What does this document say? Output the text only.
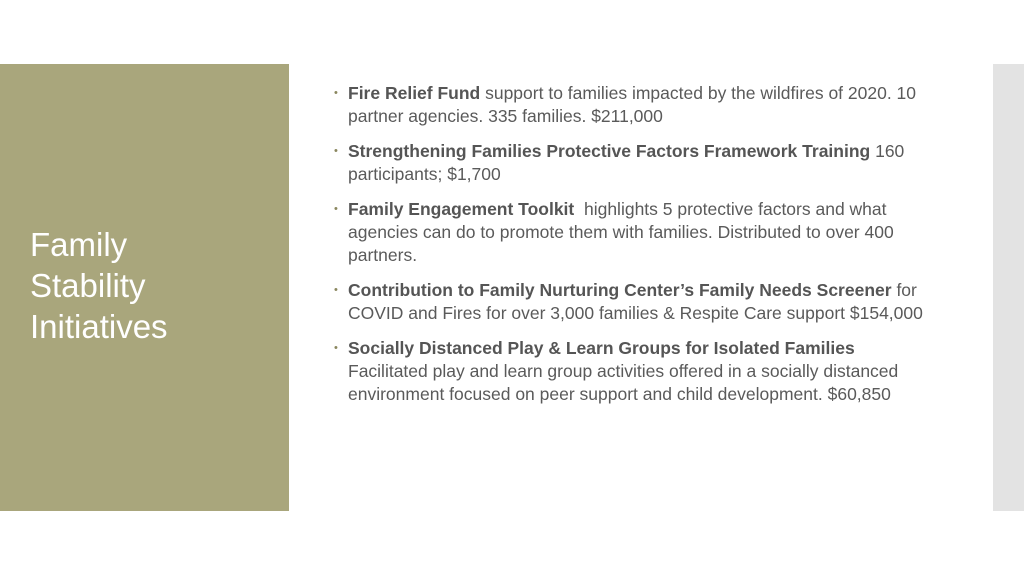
Family
Stability
Initiatives
• Fire Relief Fund support to families impacted by the wildfires of 2020. 10 partner agencies. 335 families. $211,000
• Strengthening Families Protective Factors Framework Training 160 participants; $1,700
• Family Engagement Toolkit  highlights 5 protective factors and what agencies can do to promote them with families. Distributed to over 400 partners.
• Contribution to Family Nurturing Center’s Family Needs Screener for COVID and Fires for over 3,000 families & Respite Care support $154,000
• Socially Distanced Play & Learn Groups for Isolated Families Facilitated play and learn group activities offered in a socially distanced environment focused on peer support and child development. $60,850
